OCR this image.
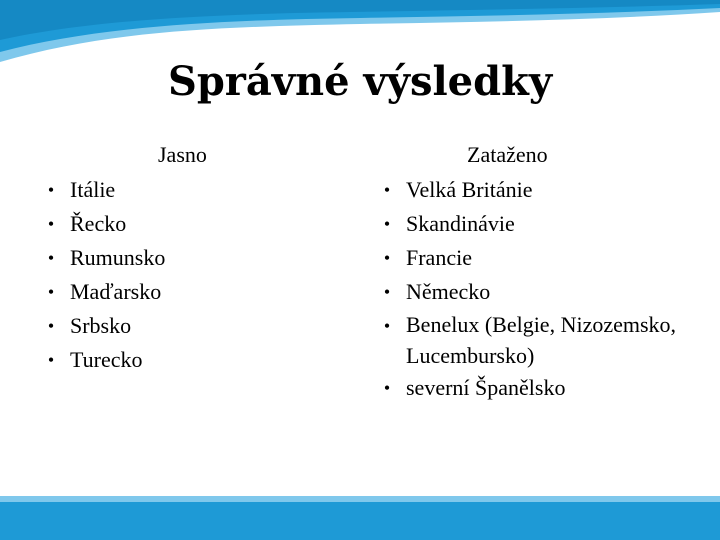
Správné výsledky
Jasno	Zataženo
• Itálie
• Řecko
• Rumunsko
• Maďarsko
• Srbsko
• Turecko
• Velká Británie
• Skandinávie
• Francie
• Německo
• Benelux (Belgie, Nizozemsko, Lucembursko)
• severní Španělsko
